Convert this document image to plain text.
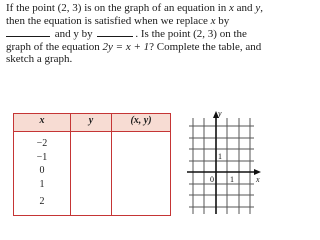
If the point (2, 3) is on the graph of an equation in x and y,
then the equation is satisfied when we replace x by
and y by	. Is the point (2, 3) on the
graph of the equation 2y = x + 1? Complete the table, and
sketch a graph.

x	y	(x, y)
−2
−1
0
1
2
1
0 1
y
x
